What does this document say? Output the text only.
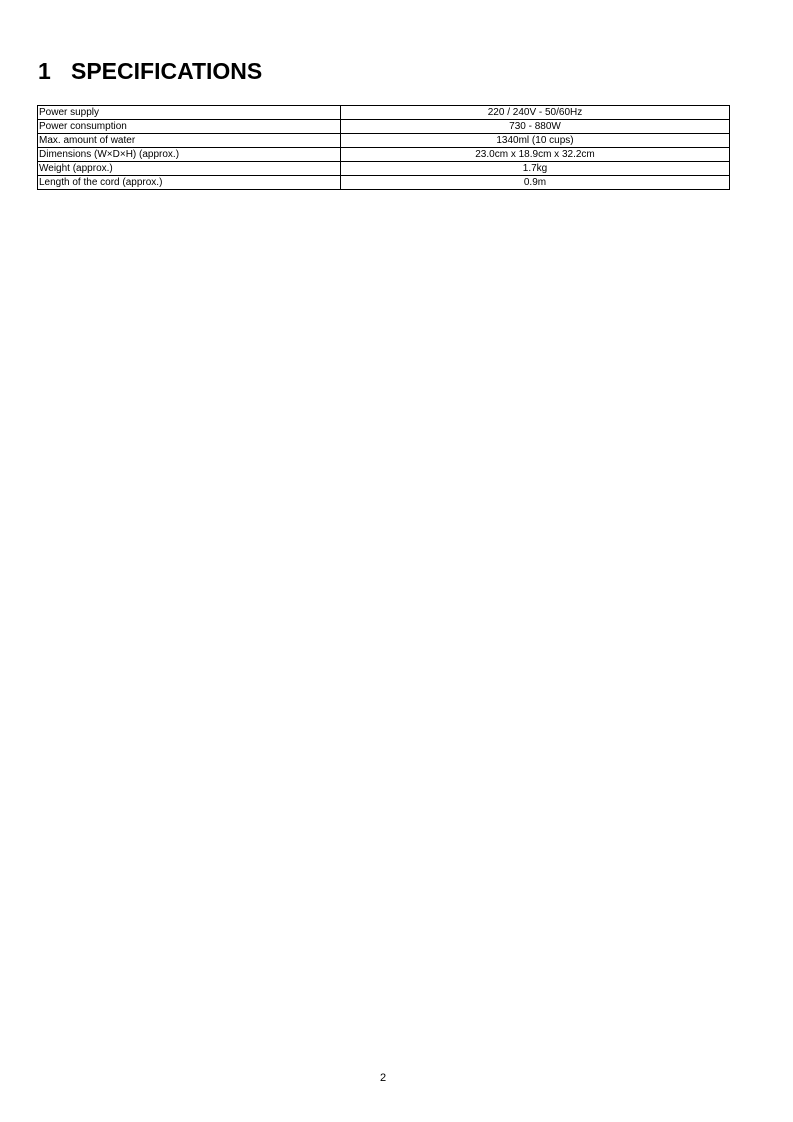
1 SPECIFICATIONS
Power supply	220 / 240V - 50/60Hz
Power consumption	730 - 880W
Max. amount of water	1340ml (10 cups)
Dimensions (W×D×H) (approx.)	23.0cm x 18.9cm x 32.2cm
Weight (approx.)	1.7kg
Length of the cord (approx.)	0.9m
2
